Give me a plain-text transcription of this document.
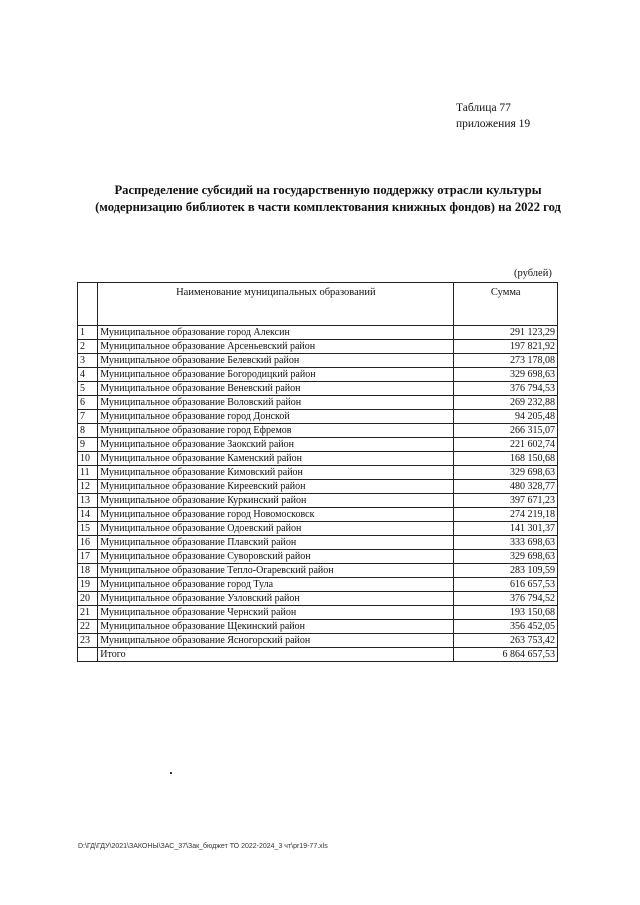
Таблица 77
приложения 19
Распределение субсидий на государственную поддержку отрасли культуры
(модернизацию библиотек в части комплектования книжных фондов) на 2022 год
(рублей)
	Наименование муниципальных образований	Сумма
1	Муниципальное образование город Алексин	291 123,29
2	Муниципальное образование Арсеньевский район	197 821,92
3	Муниципальное образование Белевский район	273 178,08
4	Муниципальное образование Богородицкий район	329 698,63
5	Муниципальное образование Веневский район	376 794,53
6	Муниципальное образование Воловский район	269 232,88
7	Муниципальное образование город Донской	94 205,48
8	Муниципальное образование город Ефремов	266 315,07
9	Муниципальное образование Заокский район	221 602,74
10	Муниципальное образование Каменский район	168 150,68
11	Муниципальное образование Кимовский район	329 698,63
12	Муниципальное образование Киреевский район	480 328,77
13	Муниципальное образование Куркинский район	397 671,23
14	Муниципальное образование город Новомосковск	274 219,18
15	Муниципальное образование Одоевский район	141 301,37
16	Муниципальное образование Плавский район	333 698,63
17	Муниципальное образование Суворовский район	329 698,63
18	Муниципальное образование Тепло-Огаревский район	283 109,59
19	Муниципальное образование город Тула	616 657,53
20	Муниципальное образование Узловский район	376 794,52
21	Муниципальное образование Чернский район	193 150,68
22	Муниципальное образование Щекинский район	356 452,05
23	Муниципальное образование Ясногорский район	263 753,42
	Итого	6 864 657,53
D:\ГД\ГДУ\2021\ЗАКОНЫ\ЗАС_37\Зак_бюджет ТО 2022-2024_3 чт\pr19-77.xls
